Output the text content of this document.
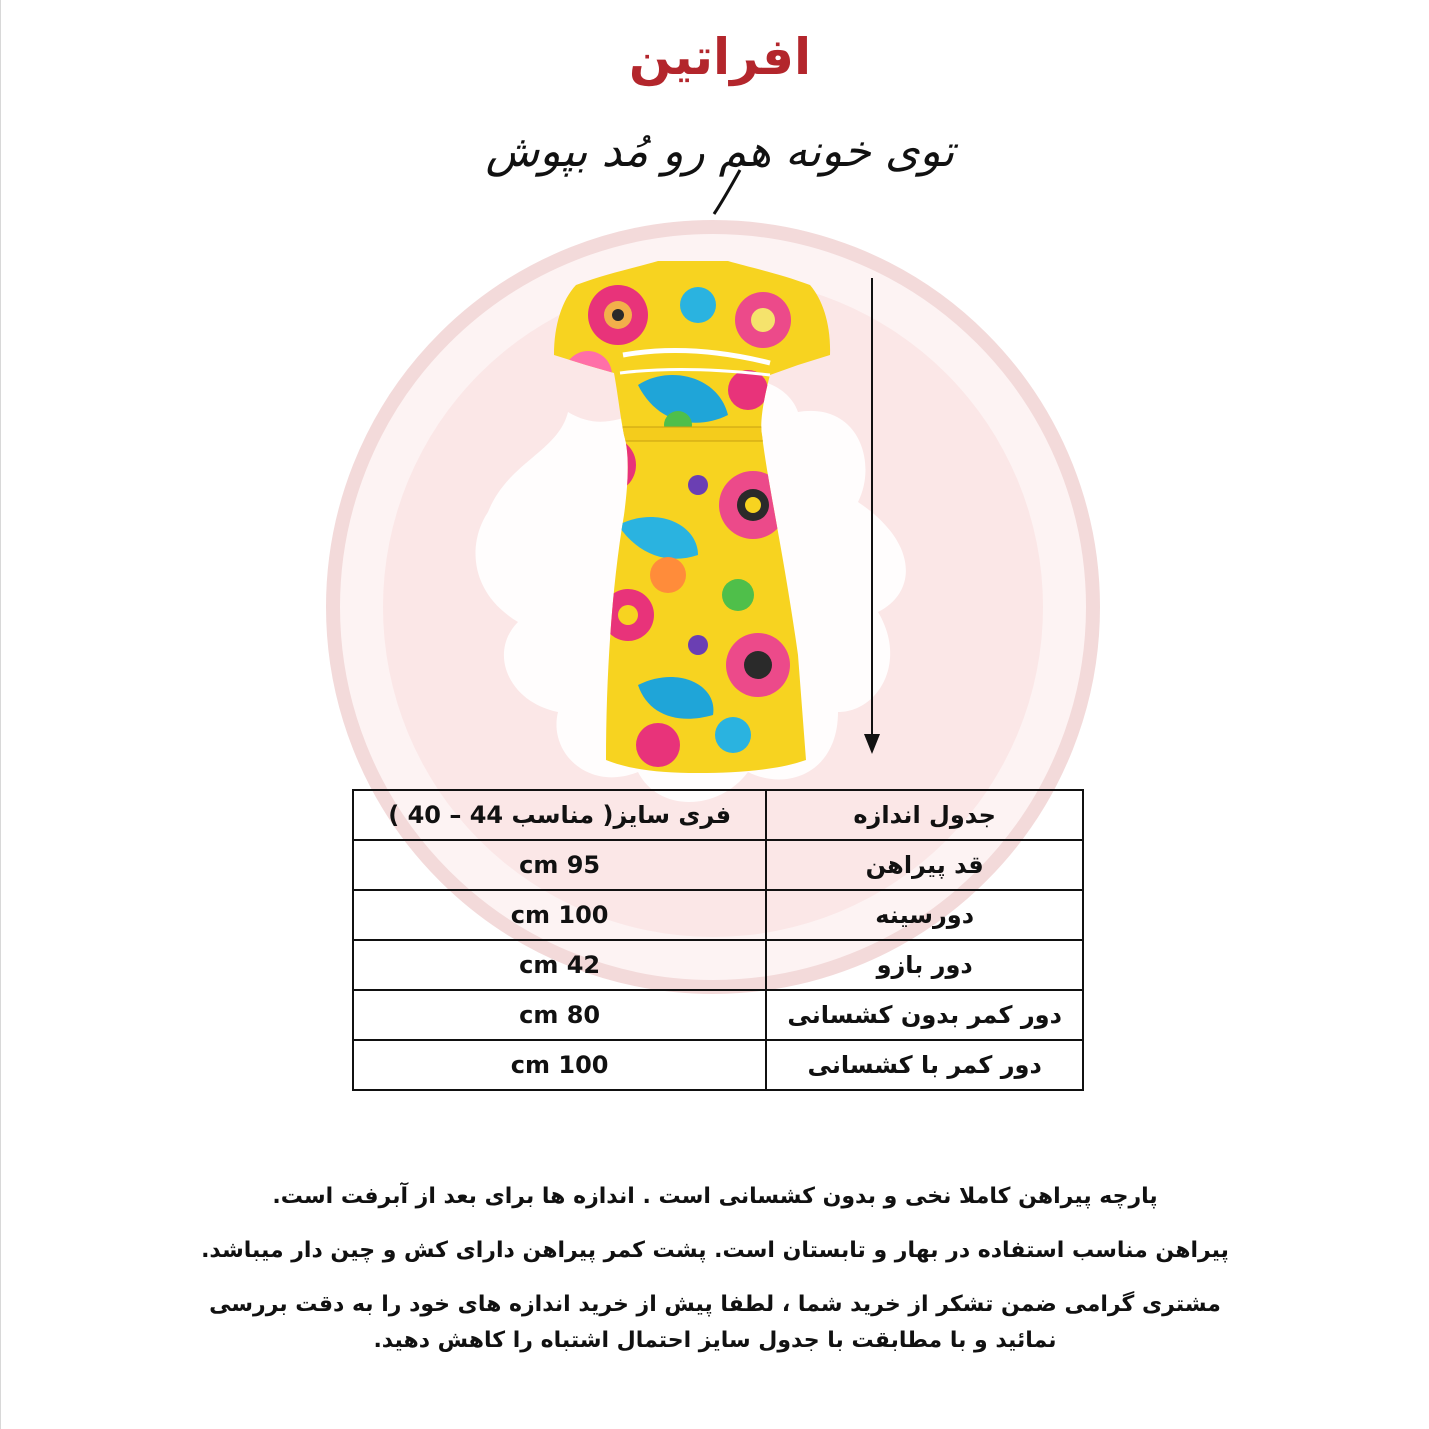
افراتین
توی خونه هم رو مُد بپوش
جدول اندازه	فری سایز( مناسب 44 – 40 )
قد پیراهن	95 cm
دورسینه	100 cm
دور بازو	42 cm
دور کمر بدون کشسانی	80 cm
دور کمر با کشسانی	100 cm

پارچه پیراهن کاملا نخی و بدون کشسانی است . اندازه ها برای بعد از آبرفت است.

پیراهن مناسب استفاده در بهار و تابستان است. پشت کمر پیراهن دارای کش و چین دار میباشد.

مشتری گرامی ضمن تشکر از خرید شما ، لطفا پیش از خرید اندازه های خود را به دقت بررسی

نمائید و با مطابقت با جدول سایز احتمال اشتباه را کاهش دهید.
